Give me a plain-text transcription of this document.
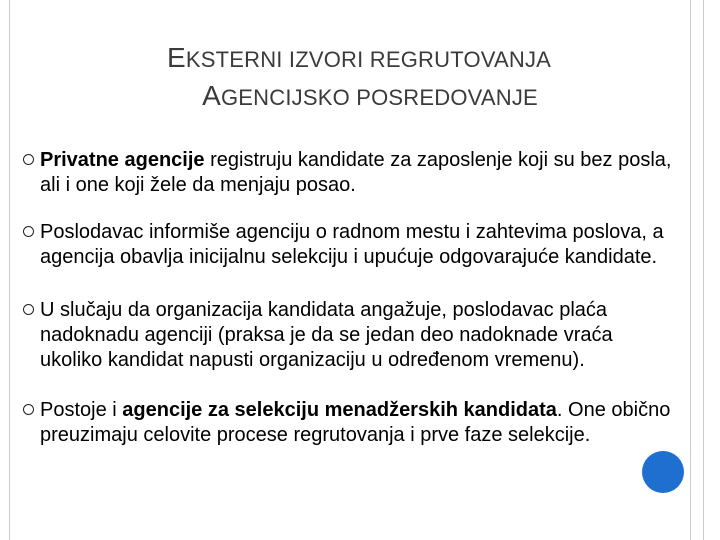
EKSTERNI IZVORI REGRUTOVANJA
AGENCIJSKO POSREDOVANJE
Privatne agencije registruju kandidate za zaposlenje koji su bez posla, ali i one koji žele da menjaju posao.
Poslodavac informiše agenciju o radnom mestu i zahtevima poslova, a agencija obavlja inicijalnu selekciju i upućuje odgovarajuće kandidate.
U slučaju da organizacija kandidata angažuje, poslodavac plaća nadoknadu agenciji (praksa je da se jedan deo nadoknade vraća ukoliko kandidat napusti organizaciju u određenom vremenu).
Postoje i agencije za selekciju menadžerskih kandidata. One obično preuzimaju celovite procese regrutovanja i prve faze selekcije.
